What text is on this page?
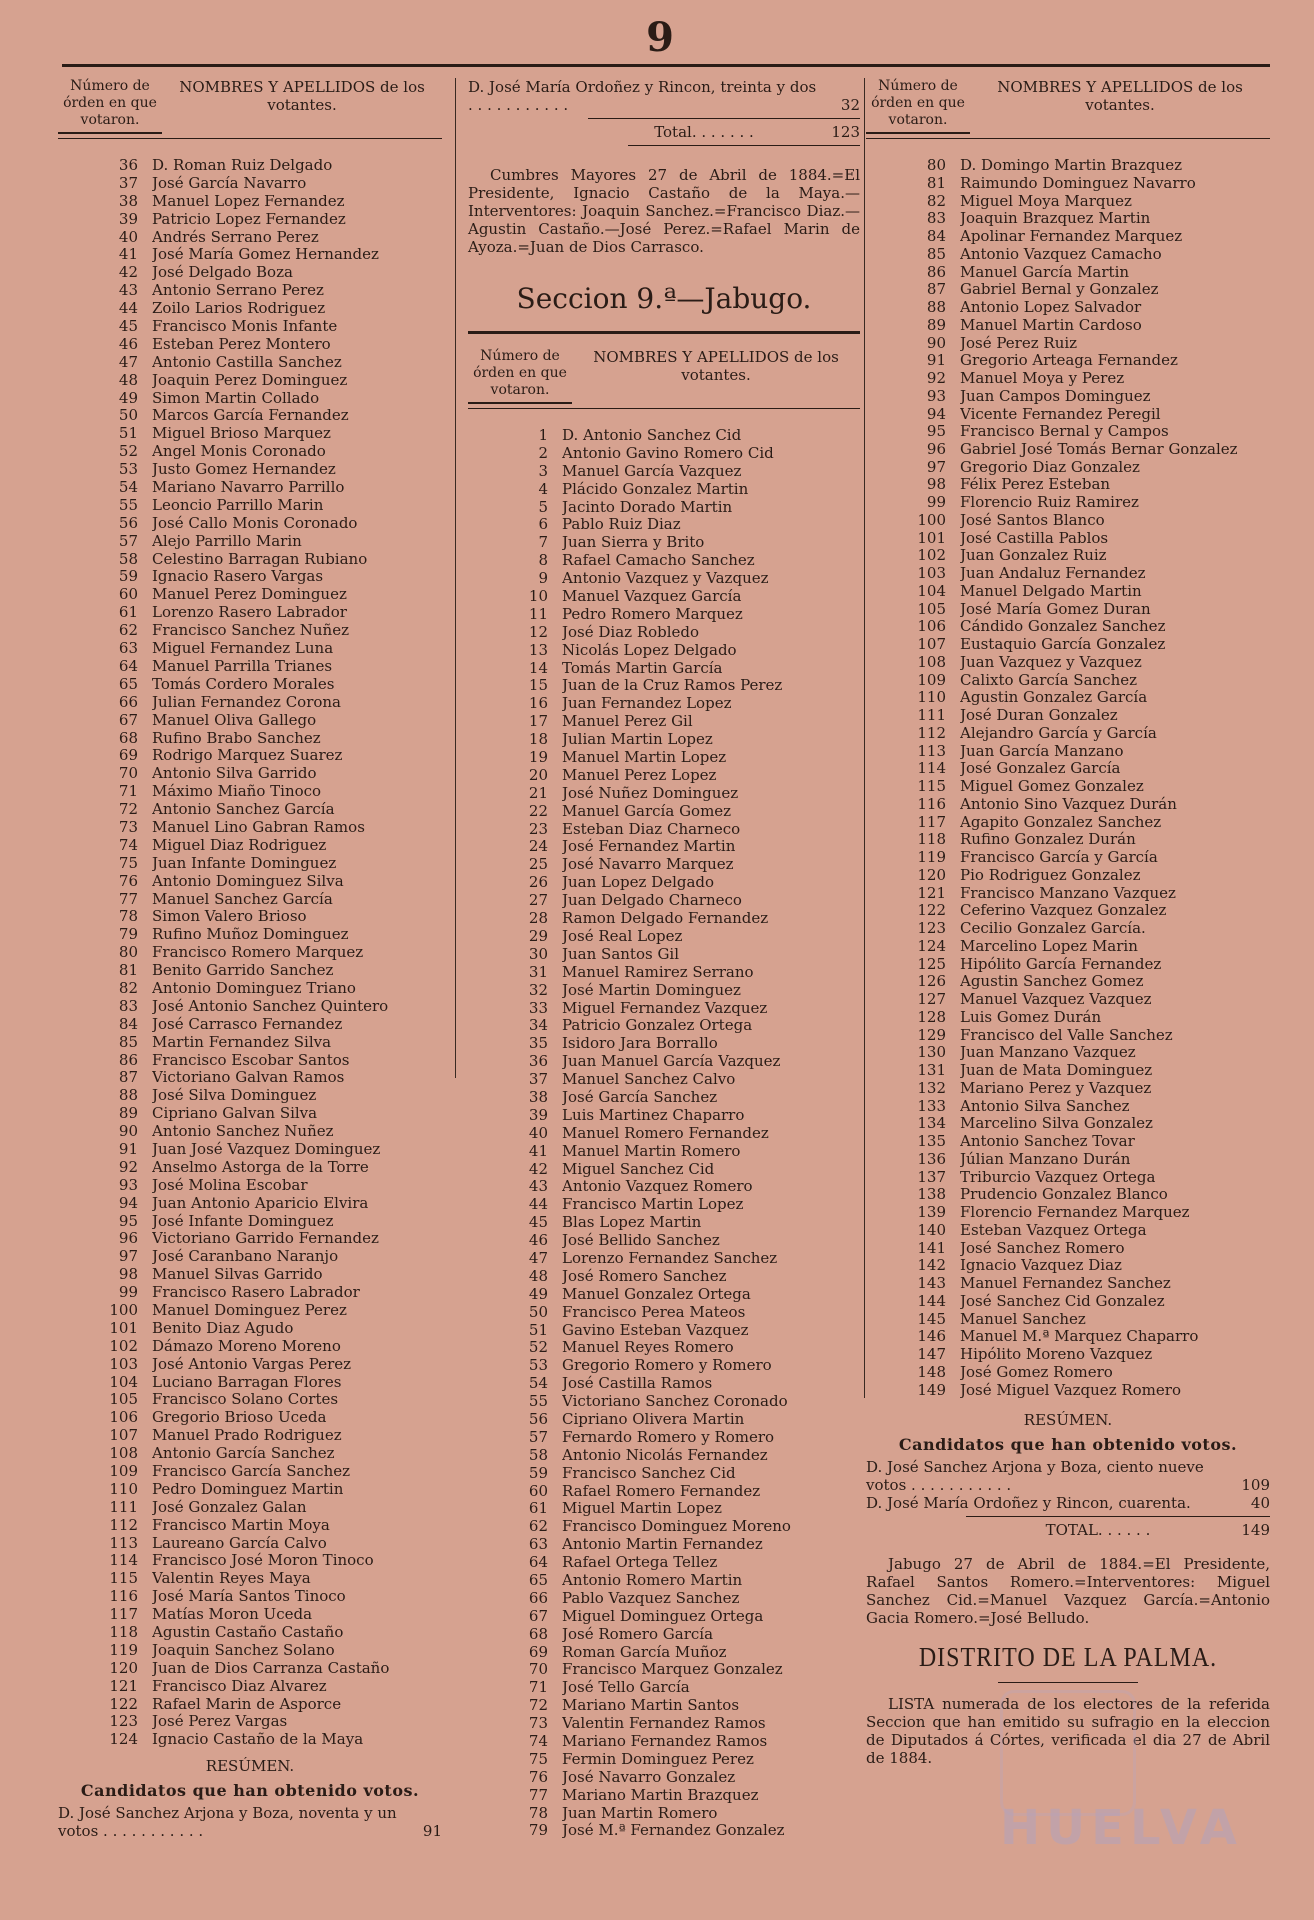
9
Número de órden en que votaron.
NOMBRES Y APELLIDOS de los votantes.
36 D. Roman Ruiz Delgado
37 José García Navarro
38 Manuel Lopez Fernandez
39 Patricio Lopez Fernandez
40 Andrés Serrano Perez
41 José María Gomez Hernandez
42 José Delgado Boza
43 Antonio Serrano Perez
44 Zoilo Larios Rodriguez
45 Francisco Monis Infante
46 Esteban Perez Montero
47 Antonio Castilla Sanchez
48 Joaquin Perez Dominguez
49 Simon Martin Collado
50 Marcos García Fernandez
51 Miguel Brioso Marquez
52 Angel Monis Coronado
53 Justo Gomez Hernandez
54 Mariano Navarro Parrillo
55 Leoncio Parrillo Marin
56 José Callo Monis Coronado
57 Alejo Parrillo Marin
58 Celestino Barragan Rubiano
59 Ignacio Rasero Vargas
60 Manuel Perez Dominguez
61 Lorenzo Rasero Labrador
62 Francisco Sanchez Nuñez
63 Miguel Fernandez Luna
64 Manuel Parrilla Trianes
65 Tomás Cordero Morales
66 Julian Fernandez Corona
67 Manuel Oliva Gallego
68 Rufino Brabo Sanchez
69 Rodrigo Marquez Suarez
70 Antonio Silva Garrido
71 Máximo Miaño Tinoco
72 Antonio Sanchez García
73 Manuel Lino Gabran Ramos
74 Miguel Diaz Rodriguez
75 Juan Infante Dominguez
76 Antonio Dominguez Silva
77 Manuel Sanchez García
78 Simon Valero Brioso
79 Rufino Muñoz Dominguez
80 Francisco Romero Marquez
81 Benito Garrido Sanchez
82 Antonio Dominguez Triano
83 José Antonio Sanchez Quintero
84 José Carrasco Fernandez
85 Martin Fernandez Silva
86 Francisco Escobar Santos
87 Victoriano Galvan Ramos
88 José Silva Dominguez
89 Cipriano Galvan Silva
90 Antonio Sanchez Nuñez
91 Juan José Vazquez Dominguez
92 Anselmo Astorga de la Torre
93 José Molina Escobar
94 Juan Antonio Aparicio Elvira
95 José Infante Dominguez
96 Victoriano Garrido Fernandez
97 José Caranbano Naranjo
98 Manuel Silvas Garrido
99 Francisco Rasero Labrador
100 Manuel Dominguez Perez
101 Benito Diaz Agudo
102 Dámazo Moreno Moreno
103 José Antonio Vargas Perez
104 Luciano Barragan Flores
105 Francisco Solano Cortes
106 Gregorio Brioso Uceda
107 Manuel Prado Rodriguez
108 Antonio García Sanchez
109 Francisco García Sanchez
110 Pedro Dominguez Martin
111 José Gonzalez Galan
112 Francisco Martin Moya
113 Laureano García Calvo
114 Francisco José Moron Tinoco
115 Valentin Reyes Maya
116 José María Santos Tinoco
117 Matías Moron Uceda
118 Agustin Castaño Castaño
119 Joaquin Sanchez Solano
120 Juan de Dios Carranza Castaño
121 Francisco Diaz Alvarez
122 Rafael Marin de Asporce
123 José Perez Vargas
124 Ignacio Castaño de la Maya
RESÚMEN.
Candidatos que han obtenido votos.
D. José Sanchez Arjona y Boza, noventa y un votos . . . . . . . . . . .	91
D. José María Ordoñez y Rincon, treinta y dos . . . . . . . . . . .	32
Total. . . . . . .	123
Cumbres Mayores 27 de Abril de 1884.=El Presidente, Ignacio Castaño de la Maya.—Interventores: Joaquin Sanchez.=Francisco Diaz.—Agustin Castaño.—José Perez.=Rafael Marin de Ayoza.=Juan de Dios Carrasco.
Seccion 9.ª—Jabugo.
Número de órden en que votaron.
NOMBRES Y APELLIDOS de los votantes.
1 D. Antonio Sanchez Cid
2 Antonio Gavino Romero Cid
3 Manuel García Vazquez
4 Plácido Gonzalez Martin
5 Jacinto Dorado Martin
6 Pablo Ruiz Diaz
7 Juan Sierra y Brito
8 Rafael Camacho Sanchez
9 Antonio Vazquez y Vazquez
10 Manuel Vazquez García
11 Pedro Romero Marquez
12 José Diaz Robledo
13 Nicolás Lopez Delgado
14 Tomás Martin García
15 Juan de la Cruz Ramos Perez
16 Juan Fernandez Lopez
17 Manuel Perez Gil
18 Julian Martin Lopez
19 Manuel Martin Lopez
20 Manuel Perez Lopez
21 José Nuñez Dominguez
22 Manuel García Gomez
23 Esteban Diaz Charneco
24 José Fernandez Martin
25 José Navarro Marquez
26 Juan Lopez Delgado
27 Juan Delgado Charneco
28 Ramon Delgado Fernandez
29 José Real Lopez
30 Juan Santos Gil
31 Manuel Ramirez Serrano
32 José Martin Dominguez
33 Miguel Fernandez Vazquez
34 Patricio Gonzalez Ortega
35 Isidoro Jara Borrallo
36 Juan Manuel García Vazquez
37 Manuel Sanchez Calvo
38 José García Sanchez
39 Luis Martinez Chaparro
40 Manuel Romero Fernandez
41 Manuel Martin Romero
42 Miguel Sanchez Cid
43 Antonio Vazquez Romero
44 Francisco Martin Lopez
45 Blas Lopez Martin
46 José Bellido Sanchez
47 Lorenzo Fernandez Sanchez
48 José Romero Sanchez
49 Manuel Gonzalez Ortega
50 Francisco Perea Mateos
51 Gavino Esteban Vazquez
52 Manuel Reyes Romero
53 Gregorio Romero y Romero
54 José Castilla Ramos
55 Victoriano Sanchez Coronado
56 Cipriano Olivera Martin
57 Fernardo Romero y Romero
58 Antonio Nicolás Fernandez
59 Francisco Sanchez Cid
60 Rafael Romero Fernandez
61 Miguel Martin Lopez
62 Francisco Dominguez Moreno
63 Antonio Martin Fernandez
64 Rafael Ortega Tellez
65 Antonio Romero Martin
66 Pablo Vazquez Sanchez
67 Miguel Dominguez Ortega
68 José Romero García
69 Roman García Muñoz
70 Francisco Marquez Gonzalez
71 José Tello García
72 Mariano Martin Santos
73 Valentin Fernandez Ramos
74 Mariano Fernandez Ramos
75 Fermin Dominguez Perez
76 José Navarro Gonzalez
77 Mariano Martin Brazquez
78 Juan Martin Romero
79 José M.ª Fernandez Gonzalez
Número de órden en que votaron.
NOMBRES Y APELLIDOS de los votantes.
80 D. Domingo Martin Brazquez
81 Raimundo Dominguez Navarro
82 Miguel Moya Marquez
83 Joaquin Brazquez Martin
84 Apolinar Fernandez Marquez
85 Antonio Vazquez Camacho
86 Manuel García Martin
87 Gabriel Bernal y Gonzalez
88 Antonio Lopez Salvador
89 Manuel Martin Cardoso
90 José Perez Ruiz
91 Gregorio Arteaga Fernandez
92 Manuel Moya y Perez
93 Juan Campos Dominguez
94 Vicente Fernandez Peregil
95 Francisco Bernal y Campos
96 Gabriel José Tomás Bernar Gonzalez
97 Gregorio Diaz Gonzalez
98 Félix Perez Esteban
99 Florencio Ruiz Ramirez
100 José Santos Blanco
101 José Castilla Pablos
102 Juan Gonzalez Ruiz
103 Juan Andaluz Fernandez
104 Manuel Delgado Martin
105 José María Gomez Duran
106 Cándido Gonzalez Sanchez
107 Eustaquio García Gonzalez
108 Juan Vazquez y Vazquez
109 Calixto García Sanchez
110 Agustin Gonzalez García
111 José Duran Gonzalez
112 Alejandro García y García
113 Juan García Manzano
114 José Gonzalez García
115 Miguel Gomez Gonzalez
116 Antonio Sino Vazquez Durán
117 Agapito Gonzalez Sanchez
118 Rufino Gonzalez Durán
119 Francisco García y García
120 Pio Rodriguez Gonzalez
121 Francisco Manzano Vazquez
122 Ceferino Vazquez Gonzalez
123 Cecilio Gonzalez García.
124 Marcelino Lopez Marin
125 Hipólito García Fernandez
126 Agustin Sanchez Gomez
127 Manuel Vazquez Vazquez
128 Luis Gomez Durán
129 Francisco del Valle Sanchez
130 Juan Manzano Vazquez
131 Juan de Mata Dominguez
132 Mariano Perez y Vazquez
133 Antonio Silva Sanchez
134 Marcelino Silva Gonzalez
135 Antonio Sanchez Tovar
136 Júlian Manzano Durán
137 Triburcio Vazquez Ortega
138 Prudencio Gonzalez Blanco
139 Florencio Fernandez Marquez
140 Esteban Vazquez Ortega
141 José Sanchez Romero
142 Ignacio Vazquez Diaz
143 Manuel Fernandez Sanchez
144 José Sanchez Cid Gonzalez
145 Manuel Sanchez
146 Manuel M.ª Marquez Chaparro
147 Hipólito Moreno Vazquez
148 José Gomez Romero
149 José Miguel Vazquez Romero
RESÚMEN.
Candidatos que han obtenido votos.
D. José Sanchez Arjona y Boza, ciento nueve votos . . . . . . . . . . .	109
D. José María Ordoñez y Rincon, cuarenta.	40
TOTAL. . . . . .	149
Jabugo 27 de Abril de 1884.=El Presidente, Rafael Santos Romero.=Interventores: Miguel Sanchez Cid.=Manuel Vazquez García.=Antonio Gacia Romero.=José Belludo.
DISTRITO DE LA PALMA.
LISTA numerada de los electores de la referida Seccion que han emitido su sufragio en la eleccion de Diputados á Córtes, verificada el dia 27 de Abril de 1884.
HUELVA
